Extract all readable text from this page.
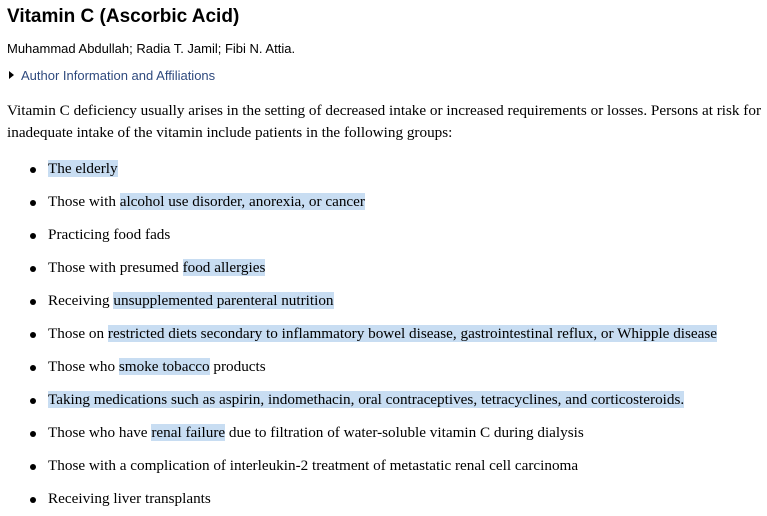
Vitamin C (Ascorbic Acid)
Muhammad Abdullah; Radia T. Jamil; Fibi N. Attia.
Author Information and Affiliations

Vitamin C deficiency usually arises in the setting of decreased intake or increased requirements or losses. Persons at risk for inadequate intake of the vitamin include patients in the following groups:

The elderly
Those with alcohol use disorder, anorexia, or cancer
Practicing food fads
Those with presumed food allergies
Receiving unsupplemented parenteral nutrition
Those on restricted diets secondary to inflammatory bowel disease, gastrointestinal reflux, or Whipple disease
Those who smoke tobacco products
Taking medications such as aspirin, indomethacin, oral contraceptives, tetracyclines, and corticosteroids.
Those who have renal failure due to filtration of water-soluble vitamin C during dialysis
Those with a complication of interleukin-2 treatment of metastatic renal cell carcinoma
Receiving liver transplants
